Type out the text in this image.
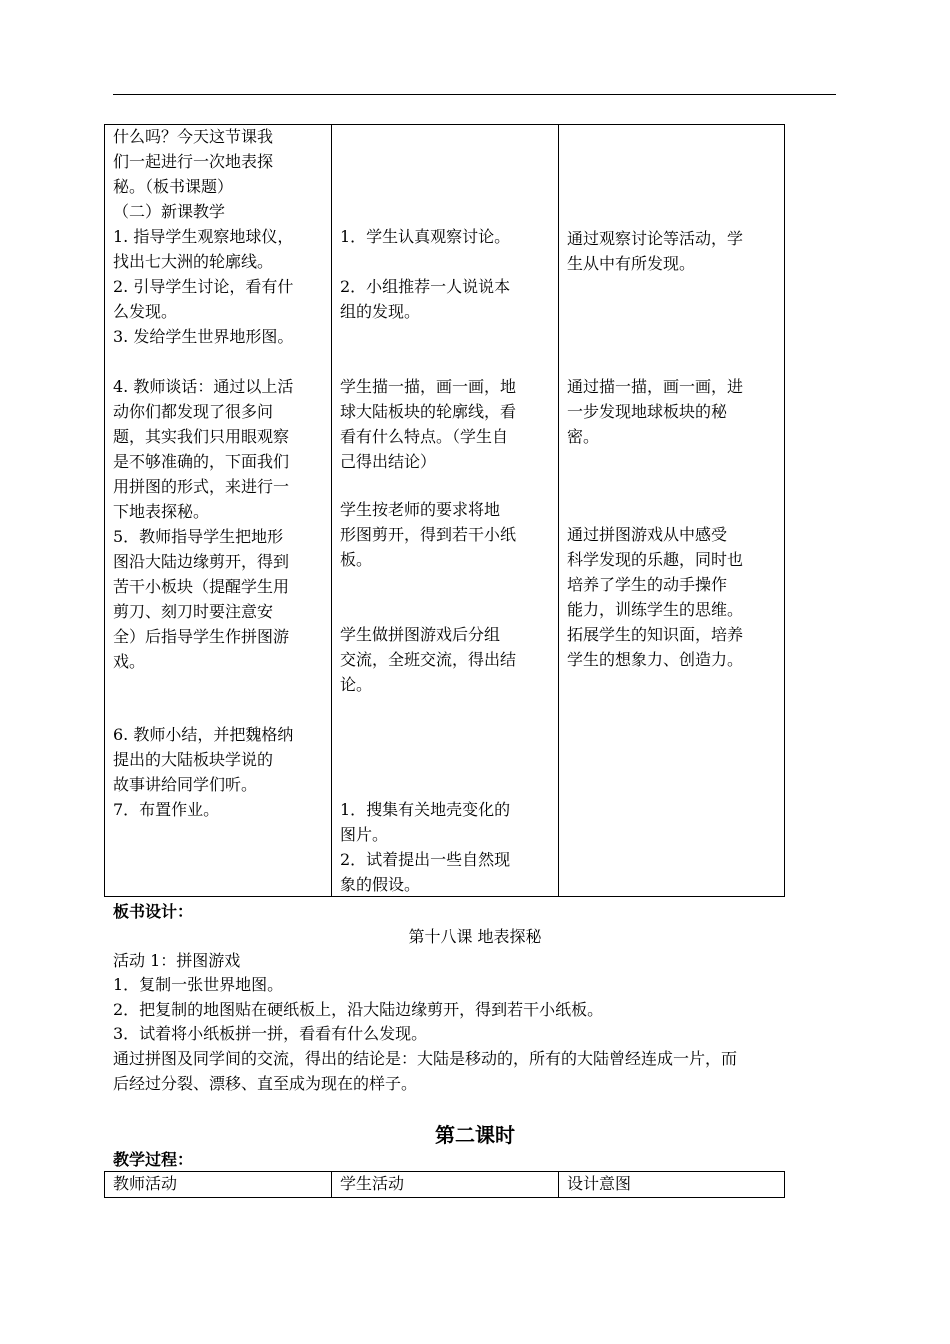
什么吗？今天这节课我
们一起进行一次地表探
秘。（板书课题）
（二）新课教学
1. 指导学生观察地球仪，
找出七大洲的轮廓线。
2. 引导学生讨论，看有什
么发现。
3. 发给学生世界地形图。
4. 教师谈话：通过以上活
动你们都发现了很多问
题，其实我们只用眼观察
是不够准确的，下面我们
用拼图的形式，来进行一
下地表探秘。
5．教师指导学生把地形
图沿大陆边缘剪开，得到
苦干小板块（提醒学生用
剪刀、刻刀时要注意安
全）后指导学生作拼图游
戏。
6. 教师小结，并把魏格纳
提出的大陆板块学说的
故事讲给同学们听。
7．布置作业。
1．学生认真观察讨论。
2．小组推荐一人说说本
组的发现。
学生描一描，画一画，地
球大陆板块的轮廓线，看
看有什么特点。（学生自
己得出结论）
学生按老师的要求将地
形图剪开，得到若干小纸
板。
学生做拼图游戏后分组
交流，全班交流，得出结
论。
1．搜集有关地壳变化的
图片。
2．试着提出一些自然现
象的假设。
通过观察讨论等活动，学
生从中有所发现。
通过描一描，画一画，进
一步发现地球板块的秘
密。
通过拼图游戏从中感受
科学发现的乐趣，同时也
培养了学生的动手操作
能力，训练学生的思维。
拓展学生的知识面，培养
学生的想象力、创造力。
板书设计：
第十八课 地表探秘
活动 1：拼图游戏
1．复制一张世界地图。
2．把复制的地图贴在硬纸板上，沿大陆边缘剪开，得到若干小纸板。
3．试着将小纸板拼一拼，看看有什么发现。
通过拼图及同学间的交流，得出的结论是：大陆是移动的，所有的大陆曾经连成一片，而
后经过分裂、漂移、直至成为现在的样子。
第二课时
教学过程：
教师活动	学生活动	设计意图
